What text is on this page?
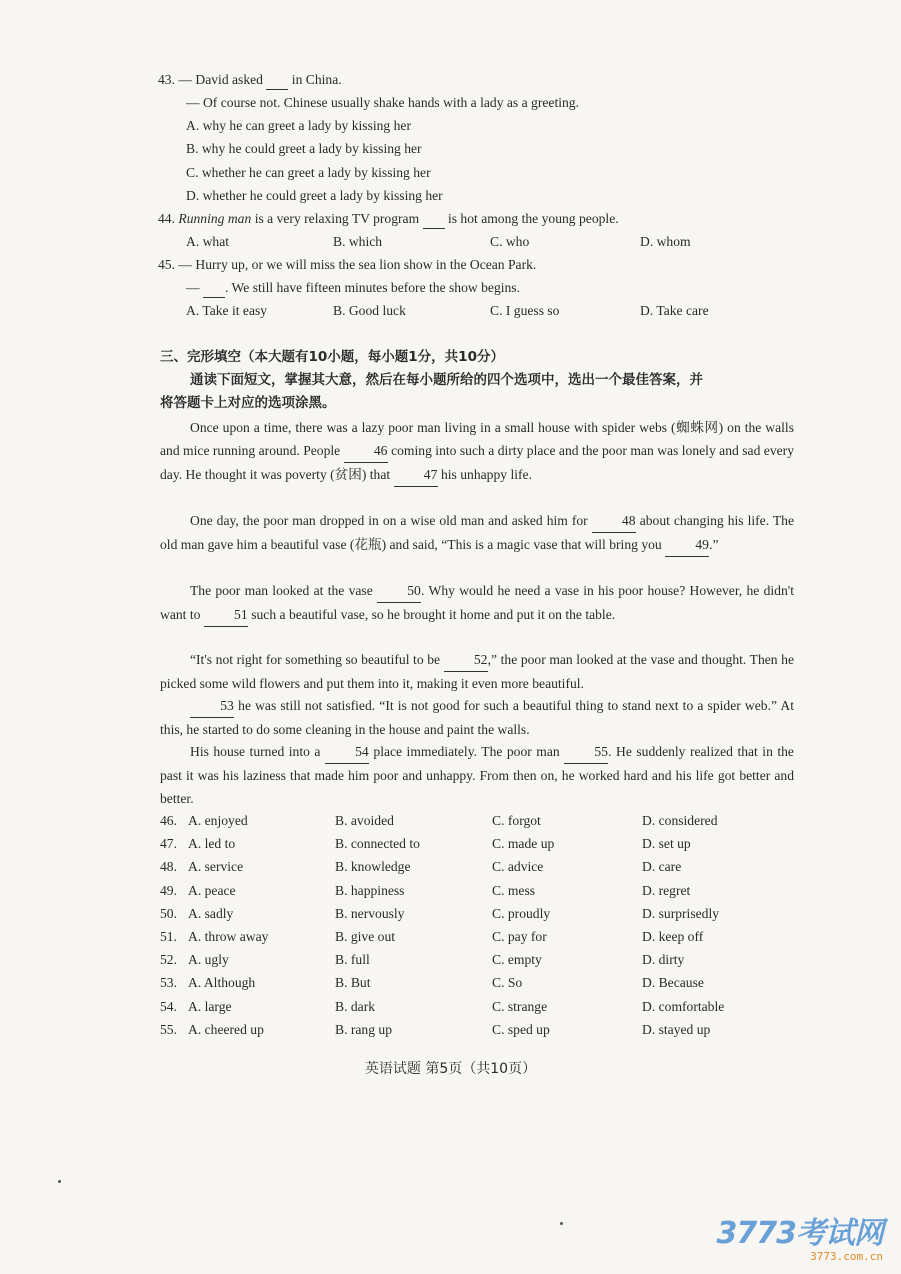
43. — David asked in China.
— Of course not. Chinese usually shake hands with a lady as a greeting.
A. why he can greet a lady by kissing her
B. why he could greet a lady by kissing her
C. whether he can greet a lady by kissing her
D. whether he could greet a lady by kissing her
44. Running man is a very relaxing TV program is hot among the young people.
A. what	B. which	C. who	D. whom
45. — Hurry up, or we will miss the sea lion show in the Ocean Park.
— . We still have fifteen minutes before the show begins.
A. Take it easy	B. Good luck	C. I guess so	D. Take care
三、完形填空（本大题有10小题，每小题1分，共10分）
通读下面短文，掌握其大意，然后在每小题所给的四个选项中，选出一个最佳答案，并
将答题卡上对应的选项涂黑。
Once upon a time, there was a lazy poor man living in a small house with spider webs (蜘蛛网) on the walls and mice running around. People 46 coming into such a dirty place and the poor man was lonely and sad every day. He thought it was poverty (贫困) that 47 his unhappy life.
One day, the poor man dropped in on a wise old man and asked him for	48 about changing his life. The old man gave him a beautiful vase (花瓶) and said, “This is a magic vase that will bring you 49.”
The poor man looked at the vase	50. Why would he need a vase in his poor house? However, he didn't want to 51 such a beautiful vase, so he brought it home and put it on the table.
“It's not right for something so beautiful to be 52,” the poor man looked at the vase and thought. Then he picked some wild flowers and put them into it, making it even more beautiful.
53 he was still not satisfied. “It is not good for such a beautiful thing to stand next to a spider web.” At this, he started to do some cleaning in the house and paint the walls.
His house turned into a	54 place immediately. The poor man	55. He suddenly realized that in the past it was his laziness that made him poor and unhappy. From then on, he worked hard and his life got better and better.
46. A. enjoyed	B. avoided	C. forgot	D. considered
47. A. led to	B. connected to	C. made up	D. set up
48. A. service	B. knowledge	C. advice	D. care
49. A. peace	B. happiness	C. mess	D. regret
50. A. sadly	B. nervously	C. proudly	D. surprisedly
51. A. throw away	B. give out	C. pay for	D. keep off
52. A. ugly	B. full	C. empty	D. dirty
53. A. Although	B. But	C. So	D. Because
54. A. large	B. dark	C. strange	D. comfortable
55. A. cheered up	B. rang up	C. sped up	D. stayed up
英语试题 第5页（共10页）
3773考试网
3773.com.cn
